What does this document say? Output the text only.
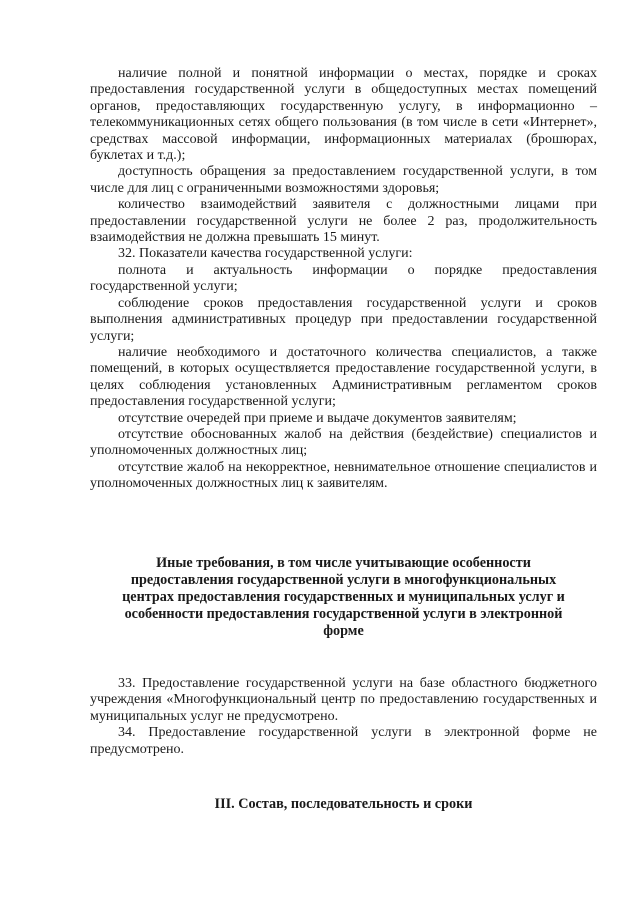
наличие полной и понятной информации о местах, порядке и сроках предоставления государственной услуги в общедоступных местах помещений органов, предоставляющих государственную услугу, в информационно – телекоммуникационных сетях общего пользования (в том числе в сети «Интернет», средствах массовой информации, информационных материалах (брошюрах, буклетах и т.д.);

доступность обращения за предоставлением государственной услуги, в том числе для лиц с ограниченными возможностями здоровья;

количество взаимодействий заявителя с должностными лицами при предоставлении государственной услуги не более 2 раз, продолжительность взаимодействия не должна превышать 15 минут.

32. Показатели качества государственной услуги:

полнота и актуальность информации о порядке предоставления государственной услуги;

соблюдение сроков предоставления государственной услуги и сроков выполнения административных процедур при предоставлении государственной услуги;

наличие необходимого и достаточного количества специалистов, а также помещений, в которых осуществляется предоставление государственной услуги, в целях соблюдения установленных Административным регламентом сроков предоставления государственной услуги;

отсутствие очередей при приеме и выдаче документов заявителям;

отсутствие обоснованных жалоб на действия (бездействие) специалистов и уполномоченных должностных лиц;

отсутствие жалоб на некорректное, невнимательное отношение специалистов и уполномоченных должностных лиц к заявителям.

Иные требования, в том числе учитывающие особенности
предоставления государственной услуги в многофункциональных
центрах предоставления государственных и муниципальных услуг и
особенности предоставления государственной услуги в электронной
форме

33. Предоставление государственной услуги на базе областного бюджетного учреждения «Многофункциональный центр по предоставлению государственных и муниципальных услуг не предусмотрено.

34. Предоставление государственной услуги в электронной форме не предусмотрено.

III. Состав, последовательность и сроки
